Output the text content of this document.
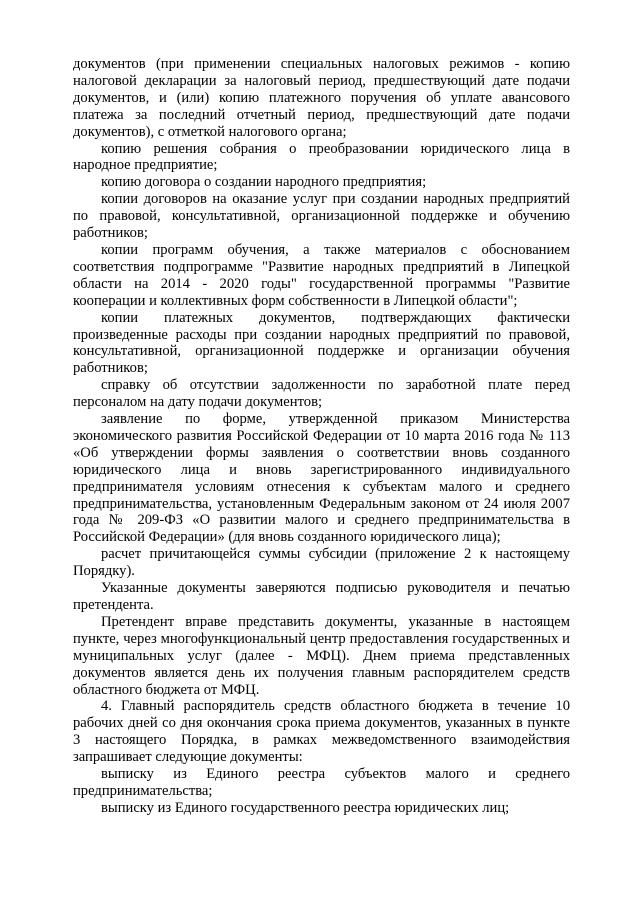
документов (при применении специальных налоговых режимов - копию налоговой декларации за налоговый период, предшествующий дате подачи документов, и (или) копию платежного поручения об уплате авансового платежа за последний отчетный период, предшествующий дате подачи документов), с отметкой налогового органа;

копию решения собрания о преобразовании юридического лица в народное предприятие;

копию договора о создании народного предприятия;

копии договоров на оказание услуг при создании народных предприятий по правовой, консультативной, организационной поддержке и обучению работников;

копии программ обучения, а также материалов с обоснованием соответствия подпрограмме "Развитие народных предприятий в Липецкой области на 2014 - 2020 годы" государственной программы "Развитие кооперации и коллективных форм собственности в Липецкой области";

копии платежных документов, подтверждающих фактически произведенные расходы при создании народных предприятий по правовой, консультативной, организационной поддержке и организации обучения работников;

справку об отсутствии задолженности по заработной плате перед персоналом на дату подачи документов;

заявление по форме, утвержденной приказом Министерства экономического развития Российской Федерации от 10 марта 2016 года № 113 «Об утверждении формы заявления о соответствии вновь созданного юридического лица и вновь зарегистрированного индивидуального предпринимателя условиям отнесения к субъектам малого и среднего предпринимательства, установленным Федеральным законом от 24 июля 2007 года № 209-ФЗ «О развитии малого и среднего предпринимательства в Российской Федерации» (для вновь созданного юридического лица);

расчет причитающейся суммы субсидии (приложение 2 к настоящему Порядку).

Указанные документы заверяются подписью руководителя и печатью претендента.

Претендент вправе представить документы, указанные в настоящем пункте, через многофункциональный центр предоставления государственных и муниципальных услуг (далее - МФЦ). Днем приема представленных документов является день их получения главным распорядителем средств областного бюджета от МФЦ.

4. Главный распорядитель средств областного бюджета в течение 10 рабочих дней со дня окончания срока приема документов, указанных в пункте 3 настоящего Порядка, в рамках межведомственного взаимодействия запрашивает следующие документы:

выписку из Единого реестра субъектов малого и среднего предпринимательства;

выписку из Единого государственного реестра юридических лиц;
